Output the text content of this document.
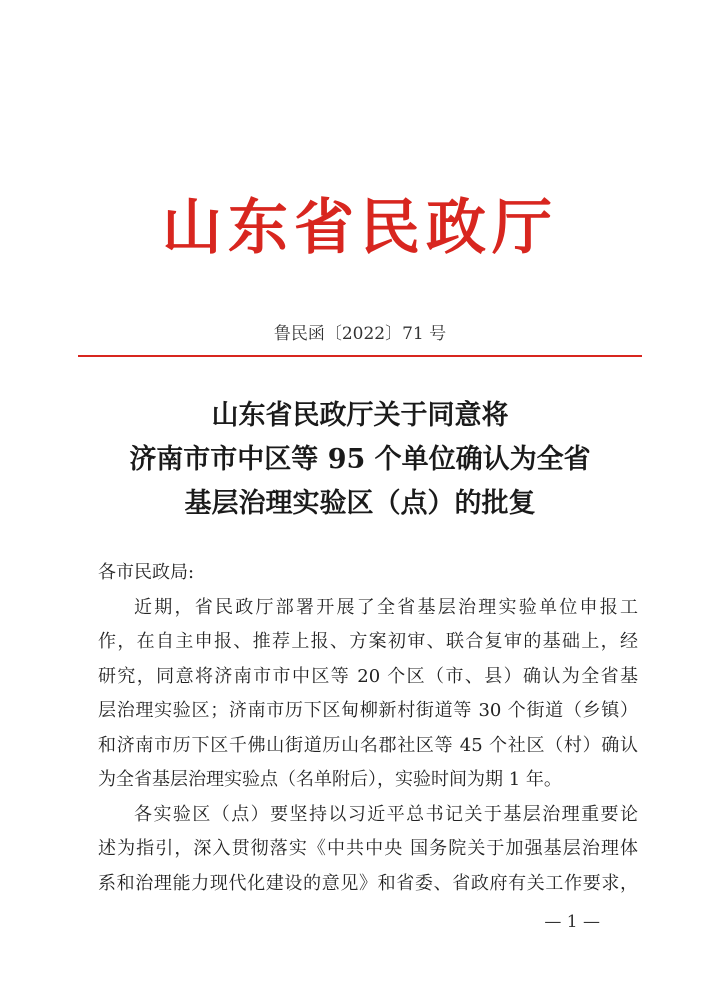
山东省民政厅
鲁民函〔2022〕71 号
山东省民政厅关于同意将
济南市市中区等 95 个单位确认为全省
基层治理实验区（点）的批复

各市民政局:

近期，省民政厅部署开展了全省基层治理实验单位申报工
作，在自主申报、推荐上报、方案初审、联合复审的基础上，经
研究，同意将济南市市中区等 20 个区（市、县）确认为全省基
层治理实验区；济南市历下区甸柳新村街道等 30 个街道（乡镇）
和济南市历下区千佛山街道历山名郡社区等 45 个社区（村）确认
为全省基层治理实验点（名单附后），实验时间为期 1 年。

各实验区（点）要坚持以习近平总书记关于基层治理重要论
述为指引，深入贯彻落实《中共中央 国务院关于加强基层治理体
系和治理能力现代化建设的意见》和省委、省政府有关工作要求，

— 1 —
